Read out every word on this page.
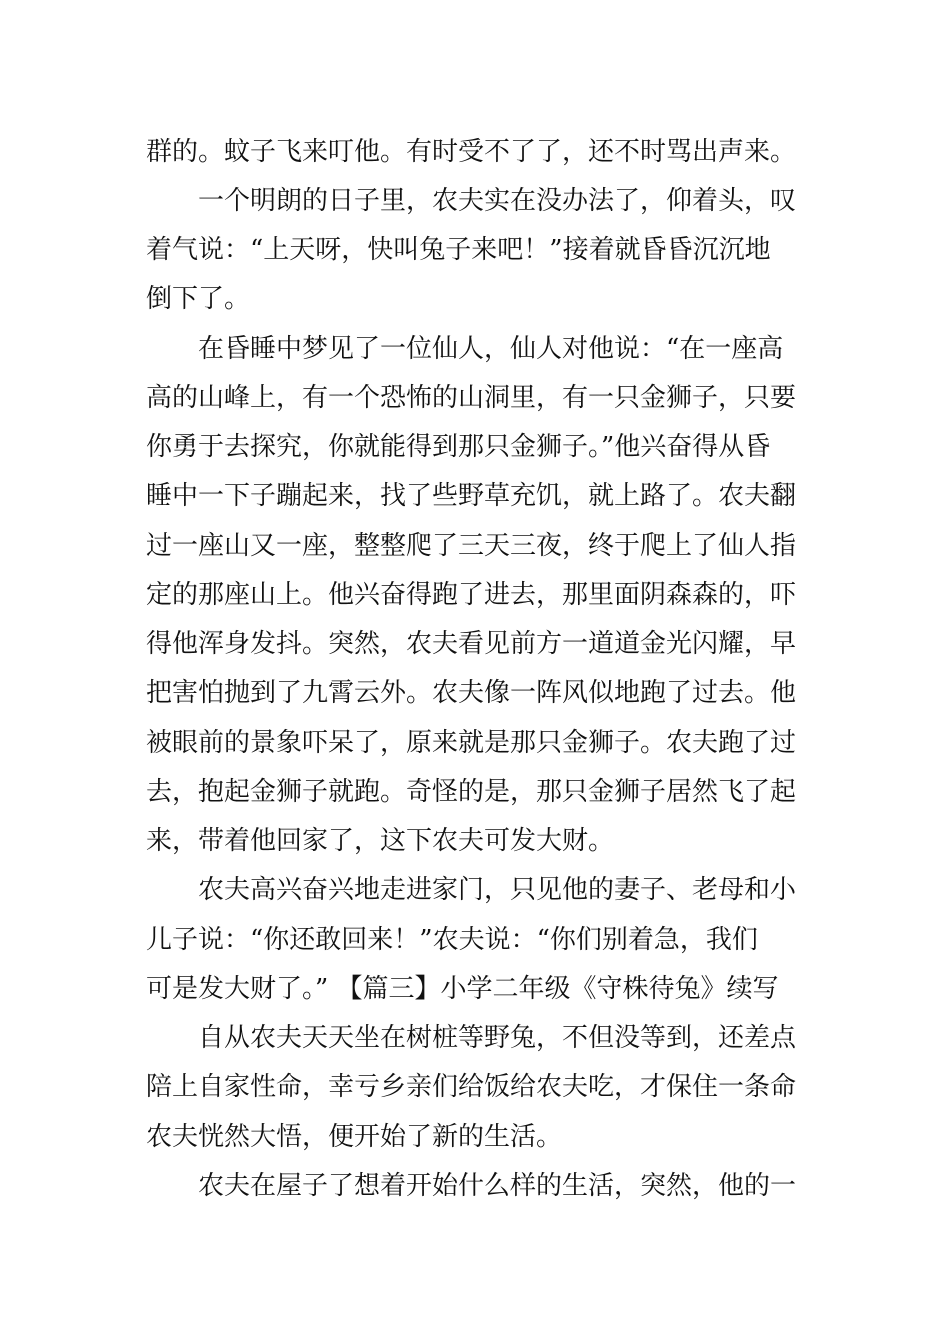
群的。蚊子飞来叮他。有时受不了了，还不时骂出声来。
一个明朗的日子里，农夫实在没办法了，仰着头，叹
着气说：“上天呀，快叫兔子来吧！”接着就昏昏沉沉地
倒下了。
在昏睡中梦见了一位仙人，仙人对他说：“在一座高
高的山峰上，有一个恐怖的山洞里，有一只金狮子，只要
你勇于去探究，你就能得到那只金狮子。”他兴奋得从昏
睡中一下子蹦起来，找了些野草充饥，就上路了。农夫翻
过一座山又一座，整整爬了三天三夜，终于爬上了仙人指
定的那座山上。他兴奋得跑了进去，那里面阴森森的，吓
得他浑身发抖。突然，农夫看见前方一道道金光闪耀，早
把害怕抛到了九霄云外。农夫像一阵风似地跑了过去。他
被眼前的景象吓呆了，原来就是那只金狮子。农夫跑了过
去，抱起金狮子就跑。奇怪的是，那只金狮子居然飞了起
来，带着他回家了，这下农夫可发大财。
农夫高兴奋兴地走进家门，只见他的妻子、老母和小
儿子说：“你还敢回来！”农夫说：“你们别着急，我们
可是发大财了。” 【篇三】小学二年级《守株待兔》续写
自从农夫天天坐在树桩等野兔，不但没等到，还差点
陪上自家性命，幸亏乡亲们给饭给农夫吃，才保住一条命
农夫恍然大悟，便开始了新的生活。
农夫在屋子了想着开始什么样的生活，突然，他的一
